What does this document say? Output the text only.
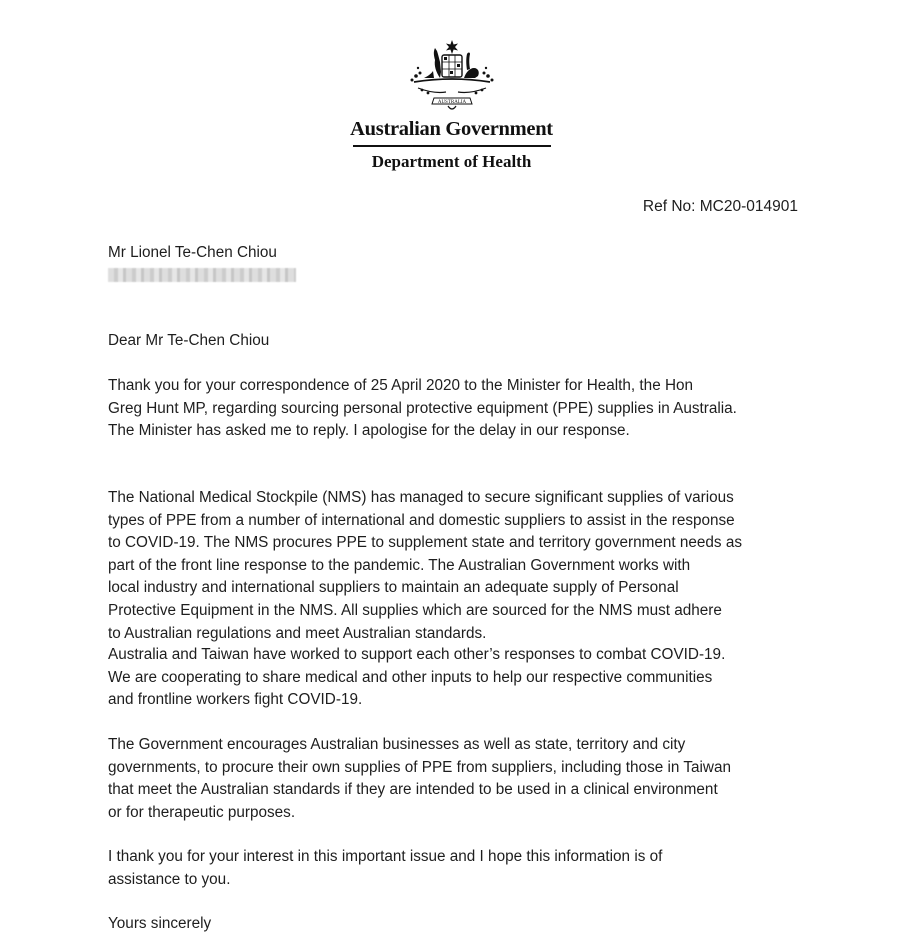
AUSTRALIA
Australian Government
Department of Health
Ref No: MC20-014901

Mr Lionel Te-Chen Chiou

Dear Mr Te-Chen Chiou

Thank you for your correspondence of 25 April 2020 to the Minister for Health, the Hon

Greg Hunt MP, regarding sourcing personal protective equipment (PPE) supplies in Australia.

The Minister has asked me to reply. I apologise for the delay in our response.

The National Medical Stockpile (NMS) has managed to secure significant supplies of various

types of PPE from a number of international and domestic suppliers to assist in the response

to COVID-19. The NMS procures PPE to supplement state and territory government needs as

part of the front line response to the pandemic. The Australian Government works with

local industry and international suppliers to maintain an adequate supply of Personal

Protective Equipment in the NMS. All supplies which are sourced for the NMS must adhere

to Australian regulations and meet Australian standards.

Australia and Taiwan have worked to support each other’s responses to combat COVID-19.

We are cooperating to share medical and other inputs to help our respective communities

and frontline workers fight COVID-19.

The Government encourages Australian businesses as well as state, territory and city

governments, to procure their own supplies of PPE from suppliers, including those in Taiwan

that meet the Australian standards if they are intended to be used in a clinical environment

or for therapeutic purposes.

I thank you for your interest in this important issue and I hope this information is of

assistance to you.

Yours sincerely
